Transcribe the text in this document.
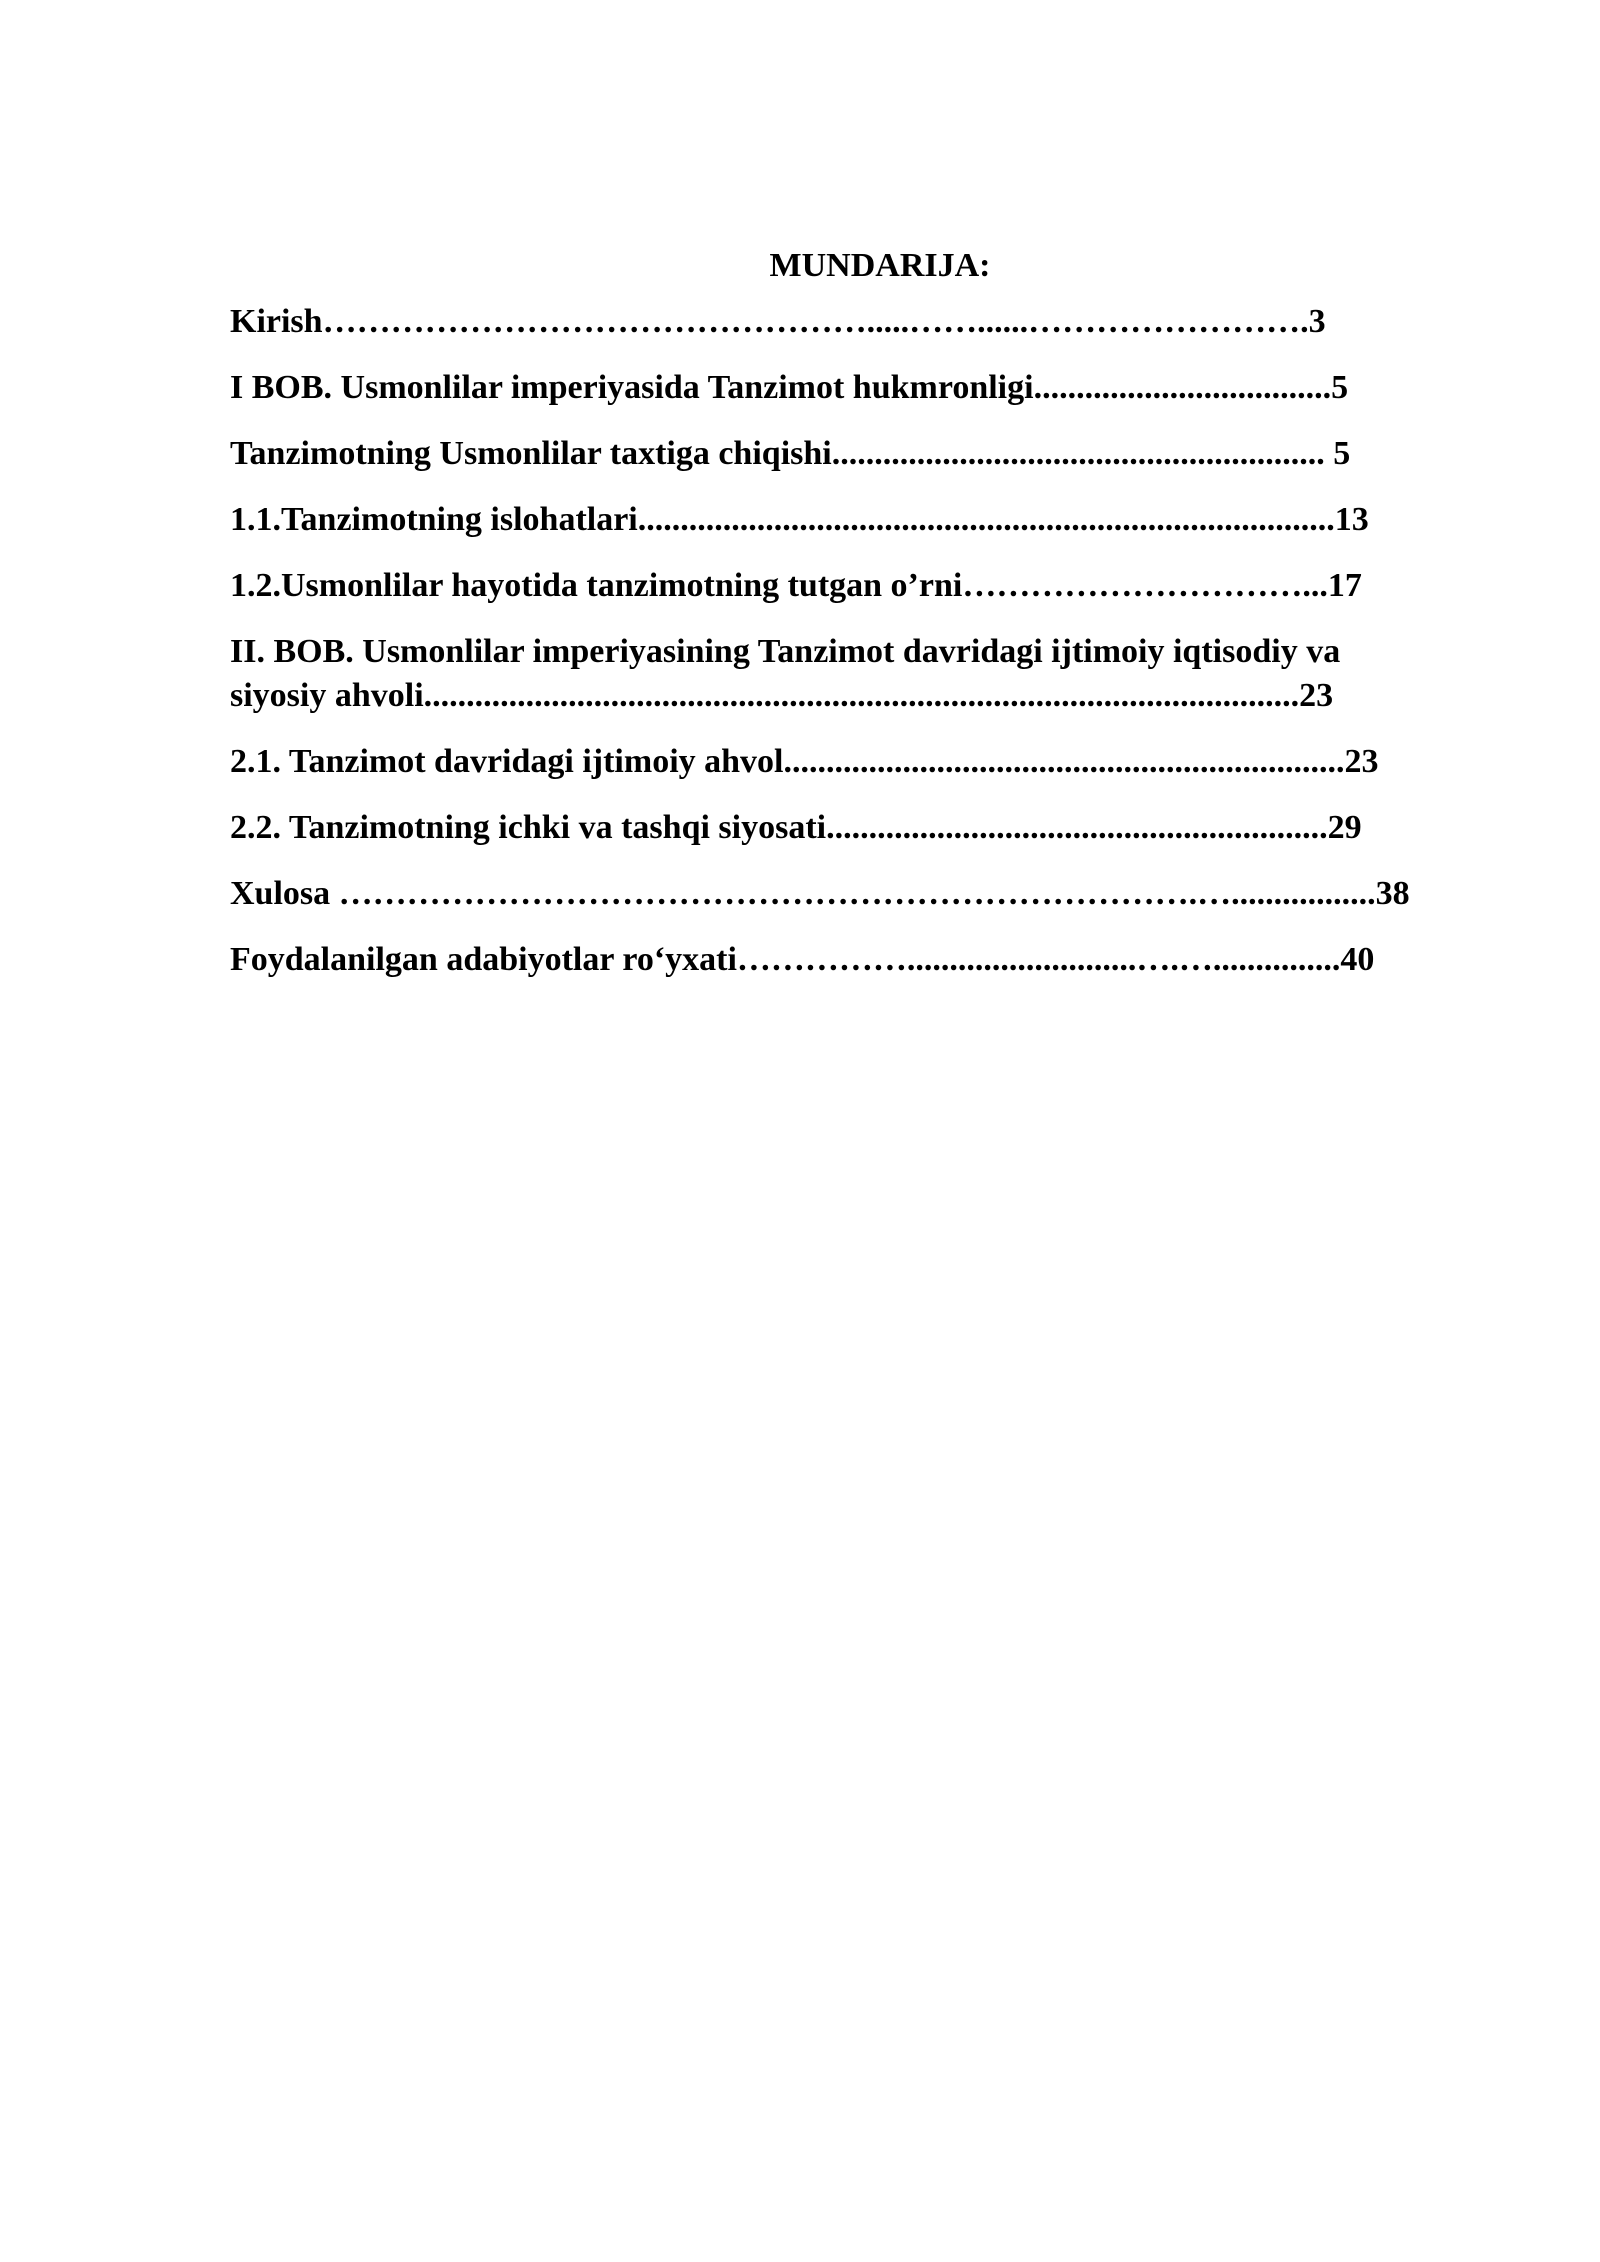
MUNDARIJA:
Kirish………………………………………….....……......…………………….3
I BOB. Usmonlilar imperiyasida Tanzimot hukmronligi...................................5
Tanzimotning Usmonlilar taxtiga chiqishi.......................................................... 5
1.1.Tanzimotning islohatlari..................................................................................13
1.2.Usmonlilar hayotida tanzimotning tutgan o’rni…………………………...17
II. BOB. Usmonlilar imperiyasining Tanzimot davridagi ijtimoiy iqtisodiy va
siyosiy ahvoli.......................................................................................................23
2.1. Tanzimot davridagi ijtimoiy ahvol..................................................................23
2.2. Tanzimotning ichki va tashqi siyosati...........................................................29
Xulosa ………………………………………………………………….….................38
Foydalanilgan adabiyotlar ro‘yxati……………...........................….…...............40
